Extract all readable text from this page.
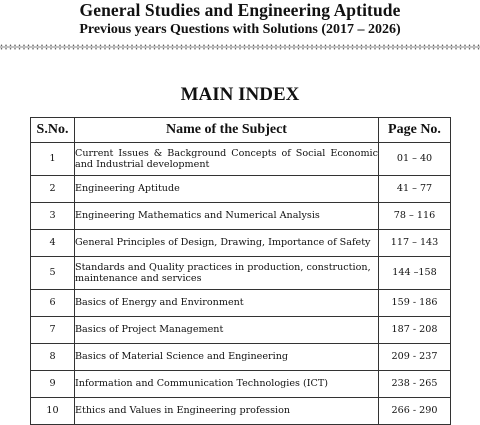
General Studies and Engineering Aptitude
Previous years Questions with Solutions (2017 – 2026)
MAIN INDEX
S.No.	Name of the Subject	Page No.
1	Current Issues & Background Concepts of Social Economic and Industrial development	01 – 40
2	Engineering Aptitude	41 – 77
3	Engineering Mathematics and Numerical Analysis	78 – 116
4	General Principles of Design, Drawing, Importance of Safety	117 – 143
5	Standards and Quality practices in production, construction, maintenance and services	144 –158
6	Basics of Energy and Environment	159 - 186
7	Basics of Project Management	187 - 208
8	Basics of Material Science and Engineering	209 - 237
9	Information and Communication Technologies (ICT)	238 - 265
10	Ethics and Values in Engineering profession	266 - 290
